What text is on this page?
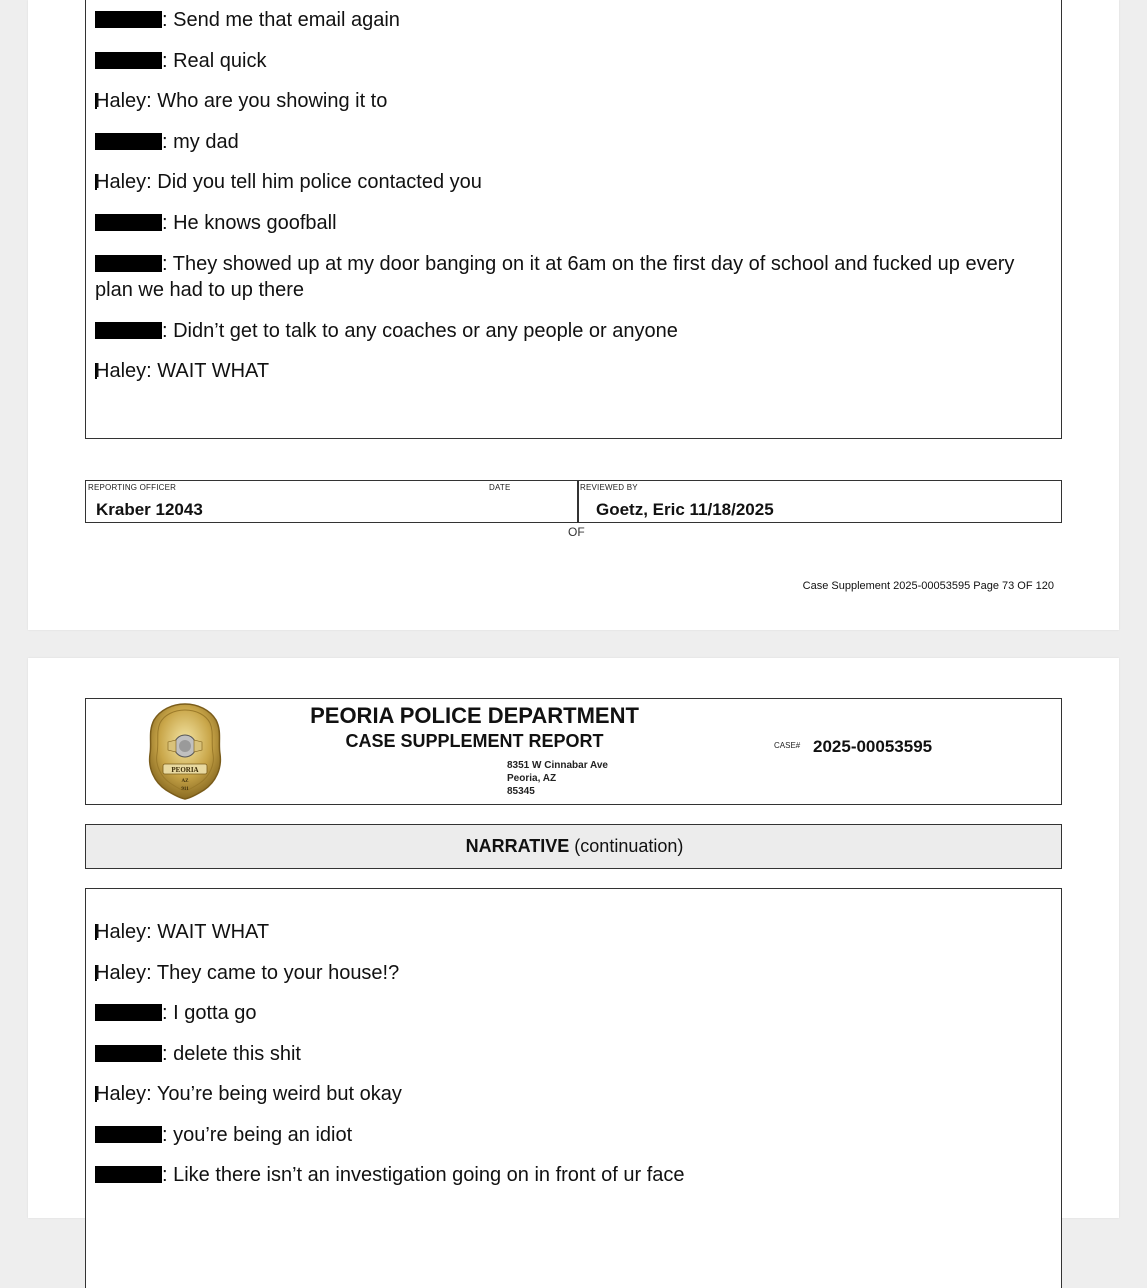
: Send me that email again
: Real quick
Haley: Who are you showing it to
: my dad
Haley: Did you tell him police contacted you
: He knows goofball
: They showed up at my door banging on it at 6am on the first day of school and fucked up every plan we had to up there
: Didn’t get to talk to any coaches or any people or anyone
Haley: WAIT WHAT
REPORTING OFFICER
Kraber 12043
DATE	REVIEWED BY
Goetz, Eric 11/18/2025
OF
Case Supplement 2025-00053595 Page 73 OF 120
PEORIA
AZ
911
PEORIA POLICE DEPARTMENT
CASE SUPPLEMENT REPORT
8351 W Cinnabar Ave
Peoria, AZ
85345
CASE# 2025-00053595
NARRATIVE (continuation)
Haley: WAIT WHAT
Haley: They came to your house!?
: I gotta go
: delete this shit
Haley: You’re being weird but okay
: you’re being an idiot
: Like there isn’t an investigation going on in front of ur face
